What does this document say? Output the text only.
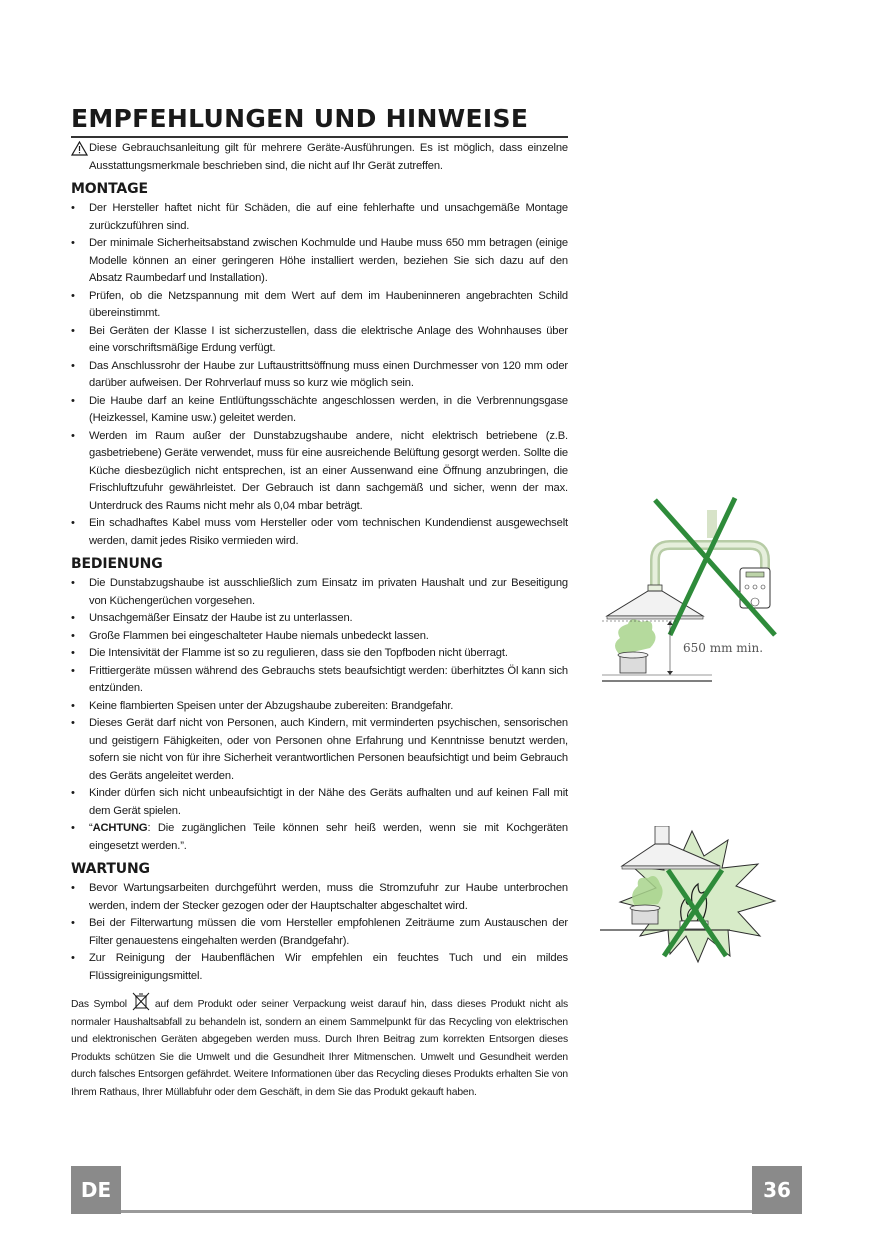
EMPFEHLUNGEN UND HINWEISE

Diese Gebrauchsanleitung gilt für mehrere Geräte-Ausführungen. Es ist möglich, dass einzelne Ausstattungsmerkmale beschrieben sind, die nicht auf Ihr Gerät zutreffen.

MONTAGE
• Der Hersteller haftet nicht für Schäden, die auf eine fehlerhafte und unsachgemäße Montage zurückzuführen sind.
• Der minimale Sicherheitsabstand zwischen Kochmulde und Haube muss 650 mm betragen (einige Modelle können an einer geringeren Höhe installiert werden, beziehen Sie sich dazu auf den Absatz Raumbedarf und Installation).
• Prüfen, ob die Netzspannung mit dem Wert auf dem im Haubeninneren angebrachten Schild übereinstimmt.
• Bei Geräten der Klasse I ist sicherzustellen, dass die elektrische Anlage des Wohnhauses über eine vorschriftsmäßige Erdung verfügt.
• Das Anschlussrohr der Haube zur Luftaustrittsöffnung muss einen Durchmesser von 120 mm oder darüber aufweisen. Der Rohrverlauf muss so kurz wie möglich sein.
• Die Haube darf an keine Entlüftungsschächte angeschlossen werden, in die Verbrennungsgase (Heizkessel, Kamine usw.) geleitet werden.
• Werden im Raum außer der Dunstabzugshaube andere, nicht elektrisch betriebene (z.B. gasbetriebene) Geräte verwendet, muss für eine ausreichende Belüftung gesorgt werden. Sollte die Küche diesbezüglich nicht entsprechen, ist an einer Aussenwand eine Öffnung anzubringen, die Frischluftzufuhr gewährleistet. Der Gebrauch ist dann sachgemäß und sicher, wenn der max. Unterdruck des Raums nicht mehr als 0,04 mbar beträgt.
• Ein schadhaftes Kabel muss vom Hersteller oder vom technischen Kundendienst ausgewechselt werden, damit jedes Risiko vermieden wird.
BEDIENUNG
• Die Dunstabzugshaube ist ausschließlich zum Einsatz im privaten Haushalt und zur Beseitigung von Küchengerüchen vorgesehen.
• Unsachgemäßer Einsatz der Haube ist zu unterlassen.
• Große Flammen bei eingeschalteter Haube niemals unbedeckt lassen.
• Die Intensivität der Flamme ist so zu regulieren, dass sie den Topfboden nicht überragt.
• Frittiergeräte müssen während des Gebrauchs stets beaufsichtigt werden: überhitztes Öl kann sich entzünden.
• Keine flambierten Speisen unter der Abzugshaube zubereiten: Brandgefahr.
• Dieses Gerät darf nicht von Personen, auch Kindern, mit verminderten psychischen, sensorischen und geistigern Fähigkeiten, oder von Personen ohne Erfahrung und Kenntnisse benutzt werden, sofern sie nicht von für ihre Sicherheit verantwortlichen Personen beaufsichtigt und beim Gebrauch des Geräts angeleitet werden.
• Kinder dürfen sich nicht unbeaufsichtigt in der Nähe des Geräts aufhalten und auf keinen Fall mit dem Gerät spielen.
• “ACHTUNG: Die zugänglichen Teile können sehr heiß werden, wenn sie mit Kochgeräten eingesetzt werden.”.
WARTUNG
• Bevor Wartungsarbeiten durchgeführt werden, muss die Stromzufuhr zur Haube unterbrochen werden, indem der Stecker gezogen oder der Hauptschalter abgeschaltet wird.
• Bei der Filterwartung müssen die vom Hersteller empfohlenen Zeiträume zum Austauschen der Filter genauestens eingehalten werden (Brandgefahr).
• Zur Reinigung der Haubenflächen Wir empfehlen ein feuchtes Tuch und ein mildes Flüssigreinigungsmittel.

Das Symbol	auf dem Produkt oder seiner Verpackung weist darauf hin, dass dieses Produkt nicht als normaler Haushaltsabfall zu behandeln ist, sondern an einem Sammelpunkt für das Recycling von elektrischen und elektronischen Geräten abgegeben werden muss. Durch Ihren Beitrag zum korrekten Entsorgen dieses Produkts schützen Sie die Umwelt und die Gesundheit Ihrer Mitmenschen. Umwelt und Gesundheit werden durch falsches Entsorgen gefährdet. Weitere Informationen über das Recycling dieses Produkts erhalten Sie von Ihrem Rathaus, Ihrer Müllabfuhr oder dem Geschäft, in dem Sie das Produkt gekauft haben.

650 mm min.
DE	36
